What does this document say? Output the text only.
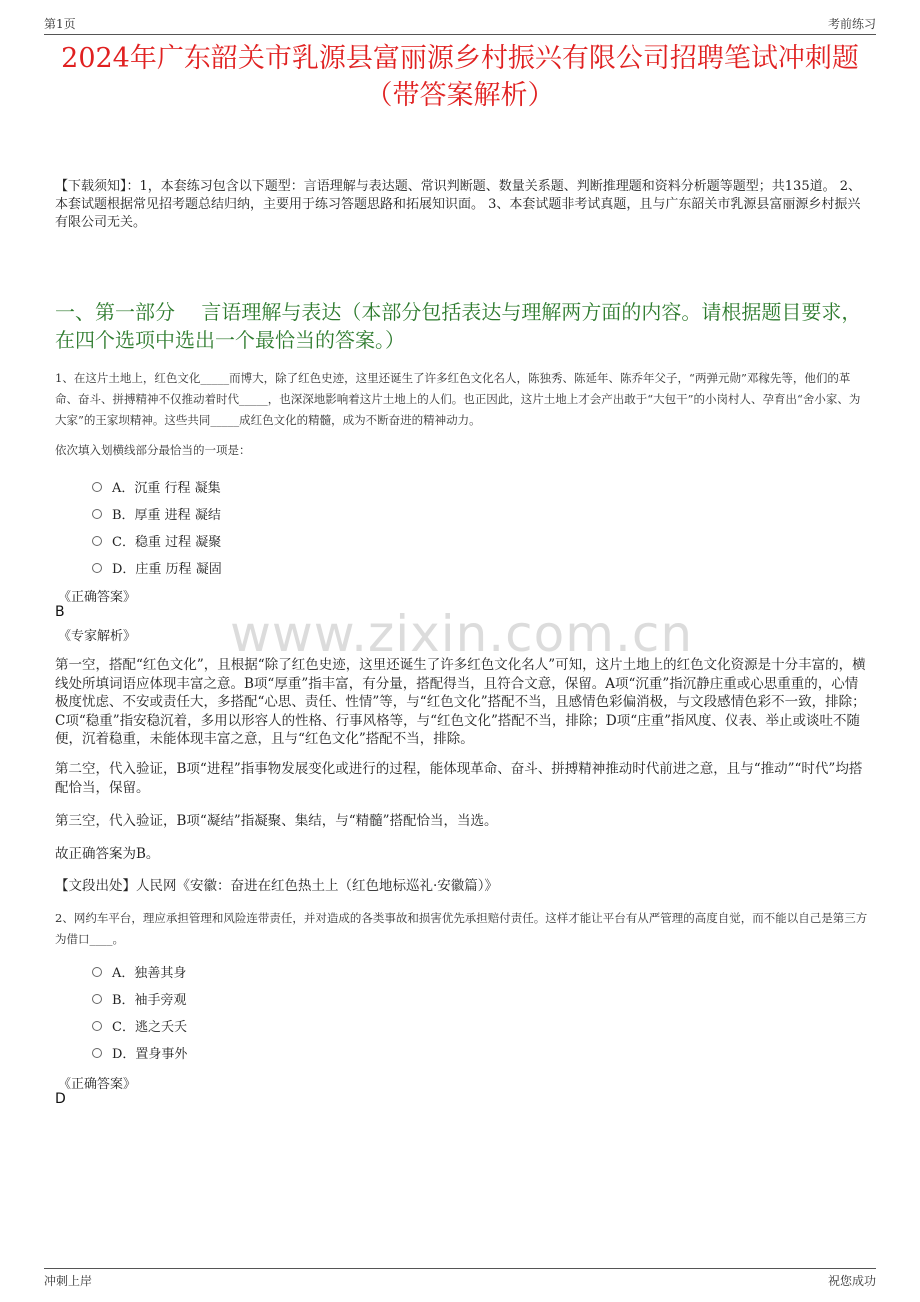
第1页	考前练习
2024年广东韶关市乳源县富丽源乡村振兴有限公司招聘笔试冲刺题（带答案解析）
【下载须知】：1，本套练习包含以下题型：言语理解与表达题、常识判断题、数量关系题、判断推理题和资料分析题等题型；共135道。 2、本套试题根据常见招考题总结归纳，主要用于练习答题思路和拓展知识面。 3、本套试题非考试真题，且与广东韶关市乳源县富丽源乡村振兴有限公司无关。
一、第一部分　 言语理解与表达（本部分包括表达与理解两方面的内容。请根据题目要求，在四个选项中选出一个最恰当的答案。）
www.zixin.com.cn
1、在这片土地上，红色文化_____而博大，除了红色史迹，这里还诞生了许多红色文化名人，陈独秀、陈延年、陈乔年父子，“两弹元勋”邓稼先等，他们的革命、奋斗、拼搏精神不仅推动着时代_____，也深深地影响着这片土地上的人们。也正因此，这片土地上才会产出敢于“大包干”的小岗村人、孕育出“舍小家、为大家”的王家坝精神。这些共同_____成红色文化的精髓，成为不断奋进的精神动力。
依次填入划横线部分最恰当的一项是：
A．沉重 行程 凝集
B．厚重 进程 凝结
C．稳重 过程 凝聚
D．庄重 历程 凝固
《正确答案》
B
《专家解析》
第一空，搭配“红色文化”，且根据“除了红色史迹，这里还诞生了许多红色文化名人”可知，这片土地上的红色文化资源是十分丰富的，横线处所填词语应体现丰富之意。B项“厚重”指丰富，有分量，搭配得当，且符合文意，保留。A项“沉重”指沉静庄重或心思重重的，心情极度忧虑、不安或责任大，多搭配“心思、责任、性情”等，与“红色文化”搭配不当，且感情色彩偏消极，与文段感情色彩不一致，排除；C项“稳重”指安稳沉着，多用以形容人的性格、行事风格等，与“红色文化”搭配不当，排除；D项“庄重”指风度、仪表、举止或谈吐不随便，沉着稳重，未能体现丰富之意，且与“红色文化”搭配不当，排除。
第二空，代入验证，B项“进程”指事物发展变化或进行的过程，能体现革命、奋斗、拼搏精神推动时代前进之意，且与“推动”“时代”均搭配恰当，保留。
第三空，代入验证，B项“凝结”指凝聚、集结，与“精髓”搭配恰当，当选。
故正确答案为B。
【文段出处】人民网《安徽：奋进在红色热土上（红色地标巡礼·安徽篇）》
2、网约车平台，理应承担管理和风险连带责任，并对造成的各类事故和损害优先承担赔付责任。这样才能让平台有从严管理的高度自觉，而不能以自己是第三方为借口____。
A．独善其身
B．袖手旁观
C．逃之夭夭
D．置身事外
《正确答案》
D
冲刺上岸	祝您成功
